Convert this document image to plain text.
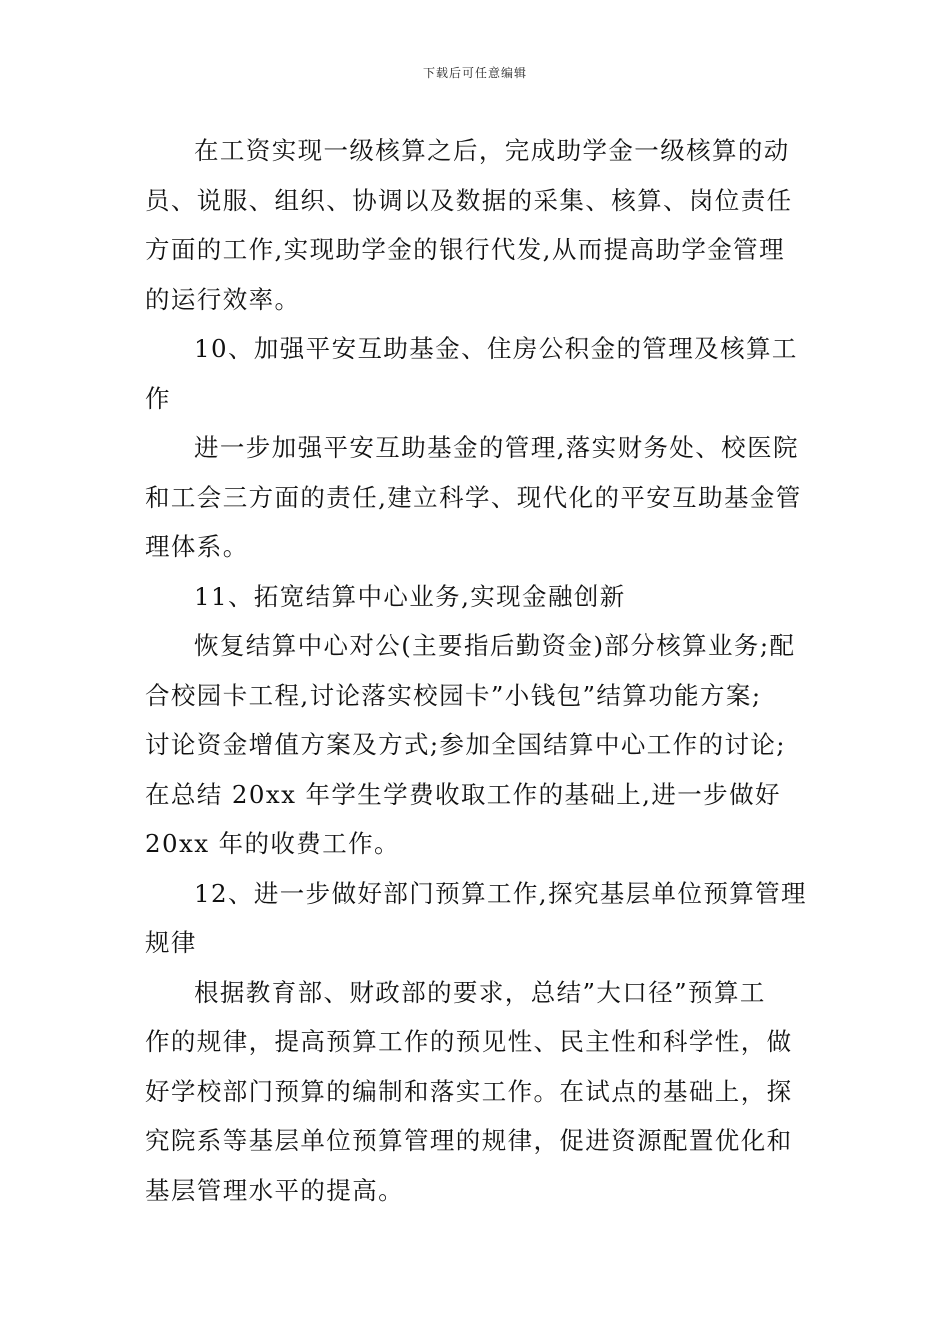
下载后可任意编辑

在工资实现一级核算之后，完成助学金一级核算的动
员、说服、组织、协调以及数据的采集、核算、岗位责任
方面的工作,实现助学金的银行代发,从而提高助学金管理
的运行效率。

10、加强平安互助基金、住房公积金的管理及核算工
作

进一步加强平安互助基金的管理,落实财务处、校医院
和工会三方面的责任,建立科学、现代化的平安互助基金管
理体系。

11、拓宽结算中心业务,实现金融创新

恢复结算中心对公(主要指后勤资金)部分核算业务;配
合校园卡工程,讨论落实校园卡”小钱包”结算功能方案;
讨论资金增值方案及方式;参加全国结算中心工作的讨论;
在总结 20xx 年学生学费收取工作的基础上,进一步做好
20xx 年的收费工作。

12、进一步做好部门预算工作,探究基层单位预算管理
规律

根据教育部、财政部的要求，总结”大口径”预算工
作的规律，提高预算工作的预见性、民主性和科学性，做
好学校部门预算的编制和落实工作。在试点的基础上，探
究院系等基层单位预算管理的规律，促进资源配置优化和
基层管理水平的提高。
